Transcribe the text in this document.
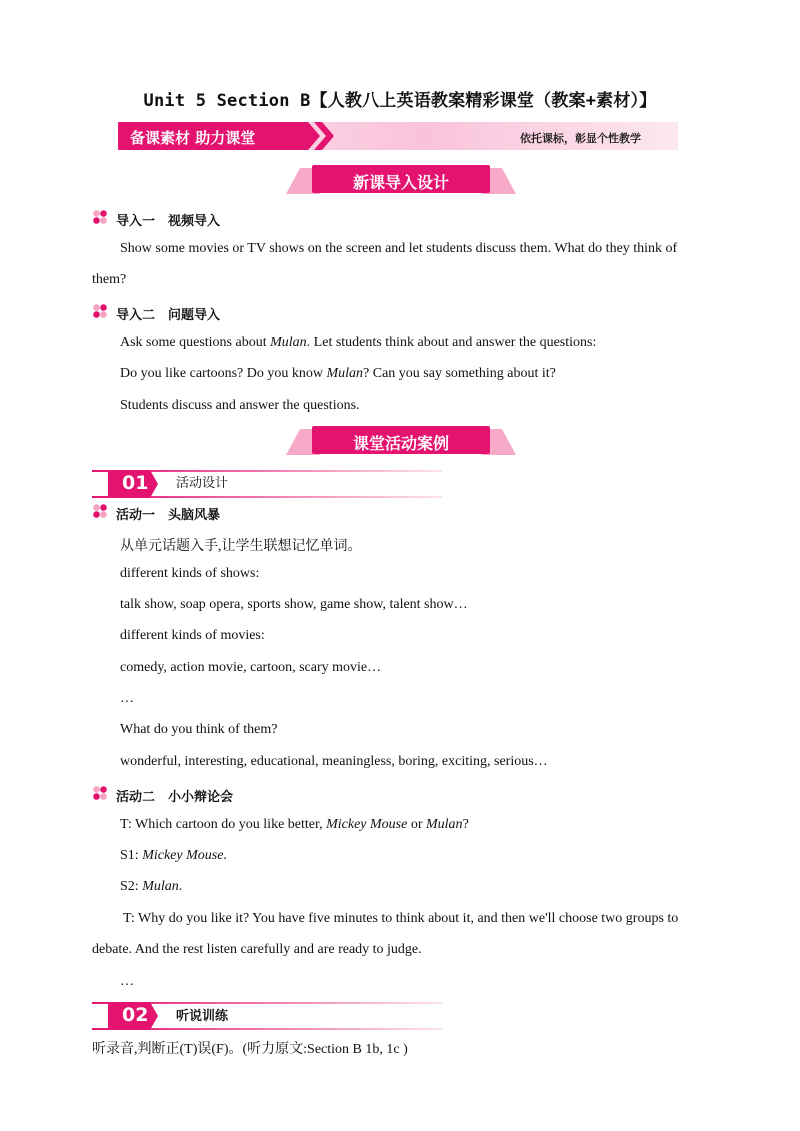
Unit 5 Section B【人教八上英语教案精彩课堂（教案+素材）】
备课素材 助力课堂	依托课标，彰显个性教学
新课导入设计
导入一　视频导入
Show some movies or TV shows on the screen and let students discuss them. What do they think of
them?
导入二　问题导入
Ask some questions about Mulan. Let students think about and answer the questions:
Do you like cartoons? Do you know Mulan? Can you say something about it?
Students discuss and answer the questions.
课堂活动案例
01 活动设计
活动一　头脑风暴
从单元话题入手,让学生联想记忆单词。
different kinds of shows:
talk show, soap opera, sports show, game show, talent show…
different kinds of movies:
comedy, action movie, cartoon, scary movie…
…
What do you think of them?
wonderful, interesting, educational, meaningless, boring, exciting, serious…
活动二　小小辩论会
T: Which cartoon do you like better, Mickey Mouse or Mulan?
S1: Mickey Mouse.
S2: Mulan.
T: Why do you like it? You have five minutes to think about it, and then we'll choose two groups to
debate. And the rest listen carefully and are ready to judge.
…
02 听说训练
听录音,判断正(T)误(F)。(听力原文:Section B 1b, 1c )
